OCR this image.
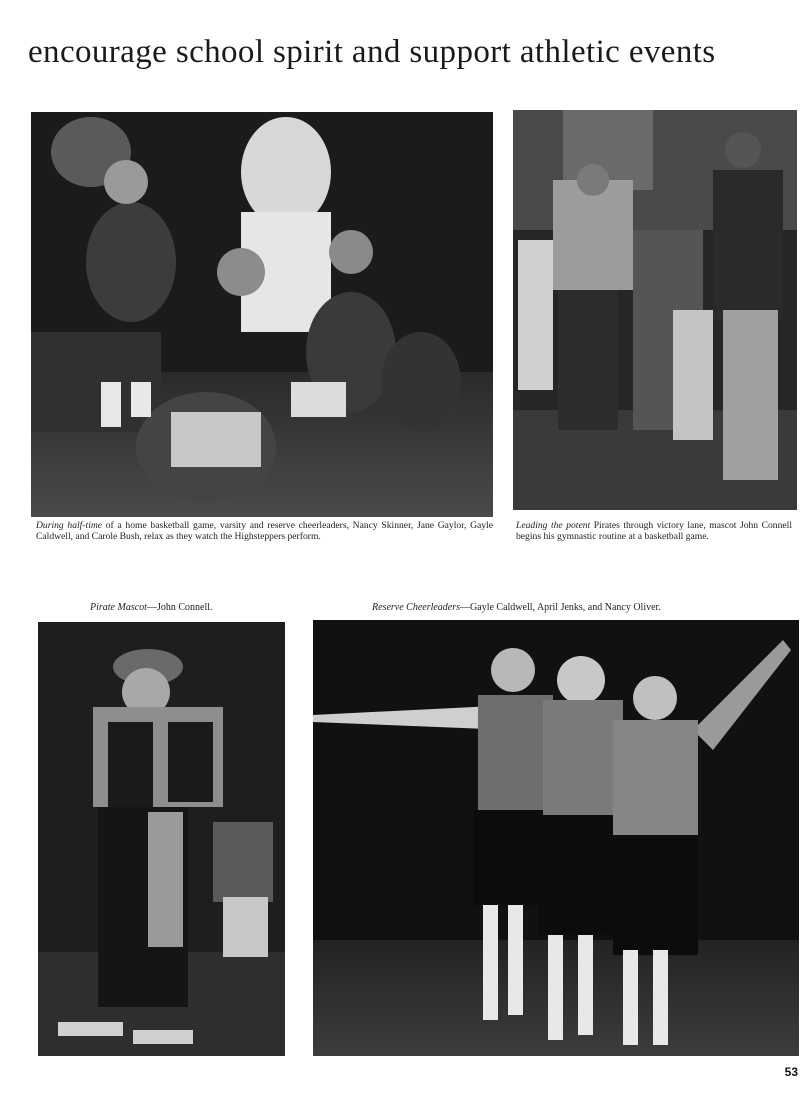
encourage school spirit and support athletic events

During half-time of a home basketball game, varsity and reserve cheerleaders, Nancy Skinner, Jane Gaylor, Gayle Caldwell, and Carole Bush, relax as they watch the Highsteppers perform.

Leading the potent Pirates through victory lane, mascot John Connell begins his gymnastic routine at a basketball game.

Pirate Mascot—John Connell.	Reserve Cheerleaders—Gayle Caldwell, April Jenks, and Nancy Oliver.

53
